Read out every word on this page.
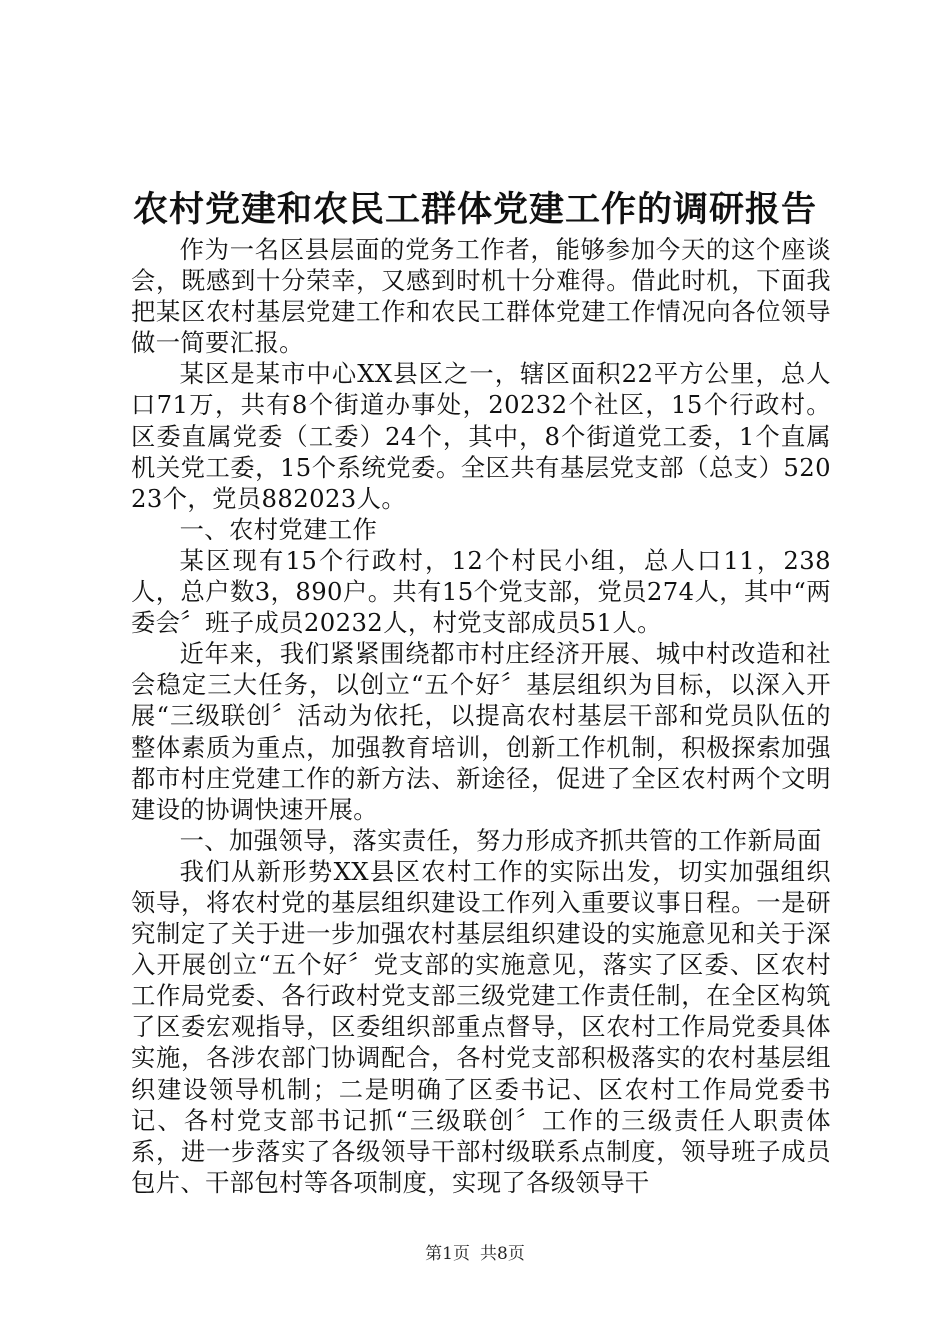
农村党建和农民工群体党建工作的调研报告

作为一名区县层面的党务工作者，能够参加今天的这个座谈会，既感到十分荣幸，又感到时机十分难得。借此时机，下面我把某区农村基层党建工作和农民工群体党建工作情况向各位领导做一简要汇报。

某区是某市中心XX县区之一，辖区面积22平方公里，总人口71万，共有8个街道办事处，20232个社区，15个行政村。区委直属党委（工委）24个，其中，8个街道党工委，1个直属机关党工委，15个系统党委。全区共有基层党支部（总支）52023个，党员882023人。

一、农村党建工作

某区现有15个行政村，12个村民小组，总人口11，238人，总户数3，890户。共有15个党支部，党员274人，其中“两委会〞班子成员20232人，村党支部成员51人。

近年来，我们紧紧围绕都市村庄经济开展、城中村改造和社会稳定三大任务，以创立“五个好〞基层组织为目标，以深入开展“三级联创〞活动为依托，以提高农村基层干部和党员队伍的整体素质为重点，加强教育培训，创新工作机制，积极探索加强都市村庄党建工作的新方法、新途径，促进了全区农村两个文明建设的协调快速开展。

一、加强领导，落实责任，努力形成齐抓共管的工作新局面

我们从新形势XX县区农村工作的实际出发，切实加强组织领导，将农村党的基层组织建设工作列入重要议事日程。一是研究制定了关于进一步加强农村基层组织建设的实施意见和关于深入开展创立“五个好〞党支部的实施意见，落实了区委、区农村工作局党委、各行政村党支部三级党建工作责任制，在全区构筑了区委宏观指导，区委组织部重点督导，区农村工作局党委具体实施，各涉农部门协调配合，各村党支部积极落实的农村基层组织建设领导机制；二是明确了区委书记、区农村工作局党委书记、各村党支部书记抓“三级联创〞工作的三级责任人职责体系，进一步落实了各级领导干部村级联系点制度，领导班子成员包片、干部包村等各项制度，实现了各级领导干

第1页 共8页
